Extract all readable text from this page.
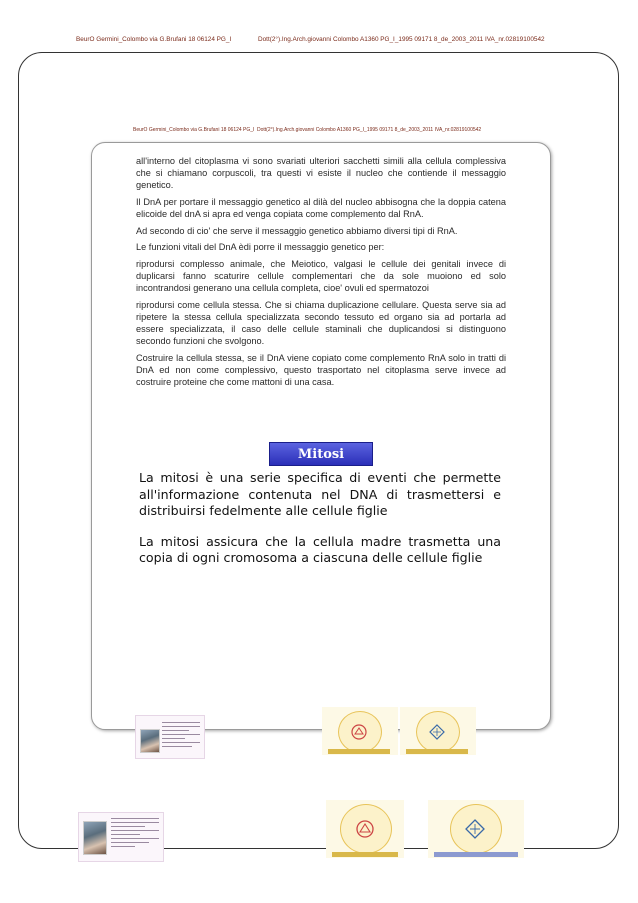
BeurO Germini_Colombo via G.Brufani 18 06124 PG_I	Dott(2°).Ing.Arch.giovanni Colombo A1360 PG_I_1995 09171 8_de_2003_2011 IVA_nr.02819100542
BeurO Germini_Colombo via G.Brufani 18 06124 PG_I Dott(2°).Ing.Arch.giovanni Colombo A1360 PG_I_1995 09171 8_de_2003_2011 IVA_nr.02819100542

all'interno del citoplasma vi sono svariati ulteriori sacchetti simili alla cellula complessiva che si chiamano corpuscoli, tra questi vi esiste il nucleo che contiende il messaggio genetico.

Il DnA per portare il messaggio genetico al dilà del nucleo abbisogna che la doppia catena elicoide del dnA si apra ed venga copiata come complemento dal RnA.

Ad secondo di cio' che serve il messaggio genetico abbiamo diversi tipi di RnA.

Le funzioni vitali del DnA èdi porre il messaggio genetico per:

riprodursi complesso animale, che Meiotico, valgasi le cellule dei genitali invece di duplicarsi fanno scaturire cellule complementari che da sole muoiono ed solo incontrandosi generano una cellula completa, cioe' ovuli ed spermatozoi

riprodursi come cellula stessa. Che si chiama duplicazione cellulare. Questa serve sia ad ripetere la stessa cellula specializzata secondo tessuto ed organo sia ad portarla ad essere specializzata, il caso delle cellule staminali che duplicandosi si distinguono secondo funzioni che svolgono.

Costruire la cellula stessa, se il DnA viene copiato come complemento RnA solo in tratti di DnA ed non come complessivo, questo trasportato nel citoplasma serve invece ad costruire proteine che come mattoni di una casa.

Mitosi

La mitosi è una serie specifica di eventi che permette all'informazione contenuta nel DNA di trasmettersi e distribuirsi fedelmente alle cellule figlie

La mitosi assicura che la cellula madre trasmetta una copia di ogni cromosoma a ciascuna delle cellule figlie
